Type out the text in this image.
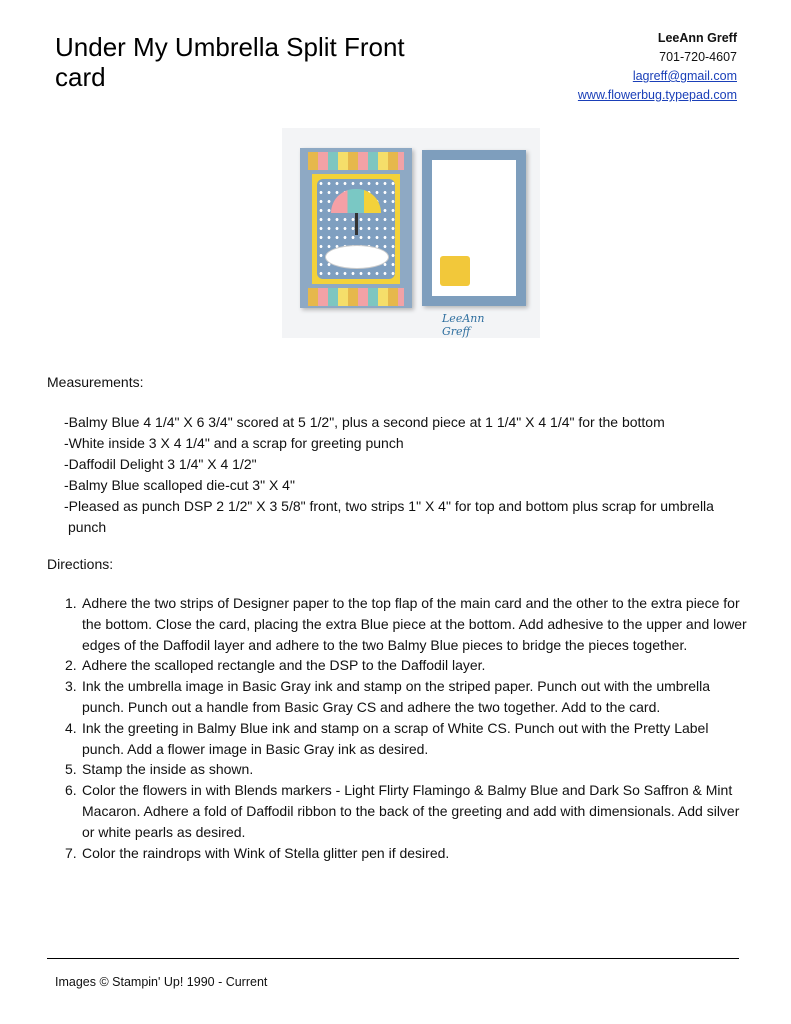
Under My Umbrella Split Front card
LeeAnn Greff
701-720-4607
lagreff@gmail.com
www.flowerbug.typepad.com
LeeAnn Greff
Measurements:
-Balmy Blue 4 1/4" X 6 3/4" scored at 5 1/2", plus a second piece at 1 1/4" X 4 1/4" for the bottom
-White inside 3 X 4 1/4" and a scrap for greeting punch
-Daffodil Delight 3 1/4" X 4 1/2"
-Balmy Blue scalloped die-cut 3" X 4"
-Pleased as punch DSP 2 1/2" X 3 5/8" front, two strips 1" X 4" for top and bottom plus scrap for umbrella punch
Directions:
1. Adhere the two strips of Designer paper to the top flap of the main card and the other to the extra piece for the bottom. Close the card, placing the extra Blue piece at the bottom. Add adhesive to the upper and lower edges of the Daffodil layer and adhere to the two Balmy Blue pieces to bridge the pieces together.
2. Adhere the scalloped rectangle and the DSP to the Daffodil layer.
3. Ink the umbrella image in Basic Gray ink and stamp on the striped paper. Punch out with the umbrella punch. Punch out a handle from Basic Gray CS and adhere the two together. Add to the card.
4. Ink the greeting in Balmy Blue ink and stamp on a scrap of White CS. Punch out with the Pretty Label punch. Add a flower image in Basic Gray ink as desired.
5. Stamp the inside as shown.
6. Color the flowers in with Blends markers - Light Flirty Flamingo & Balmy Blue and Dark So Saffron & Mint Macaron. Adhere a fold of Daffodil ribbon to the back of the greeting and add with dimensionals. Add silver or white pearls as desired.
7. Color the raindrops with Wink of Stella glitter pen if desired.
Images © Stampin' Up! 1990 - Current
